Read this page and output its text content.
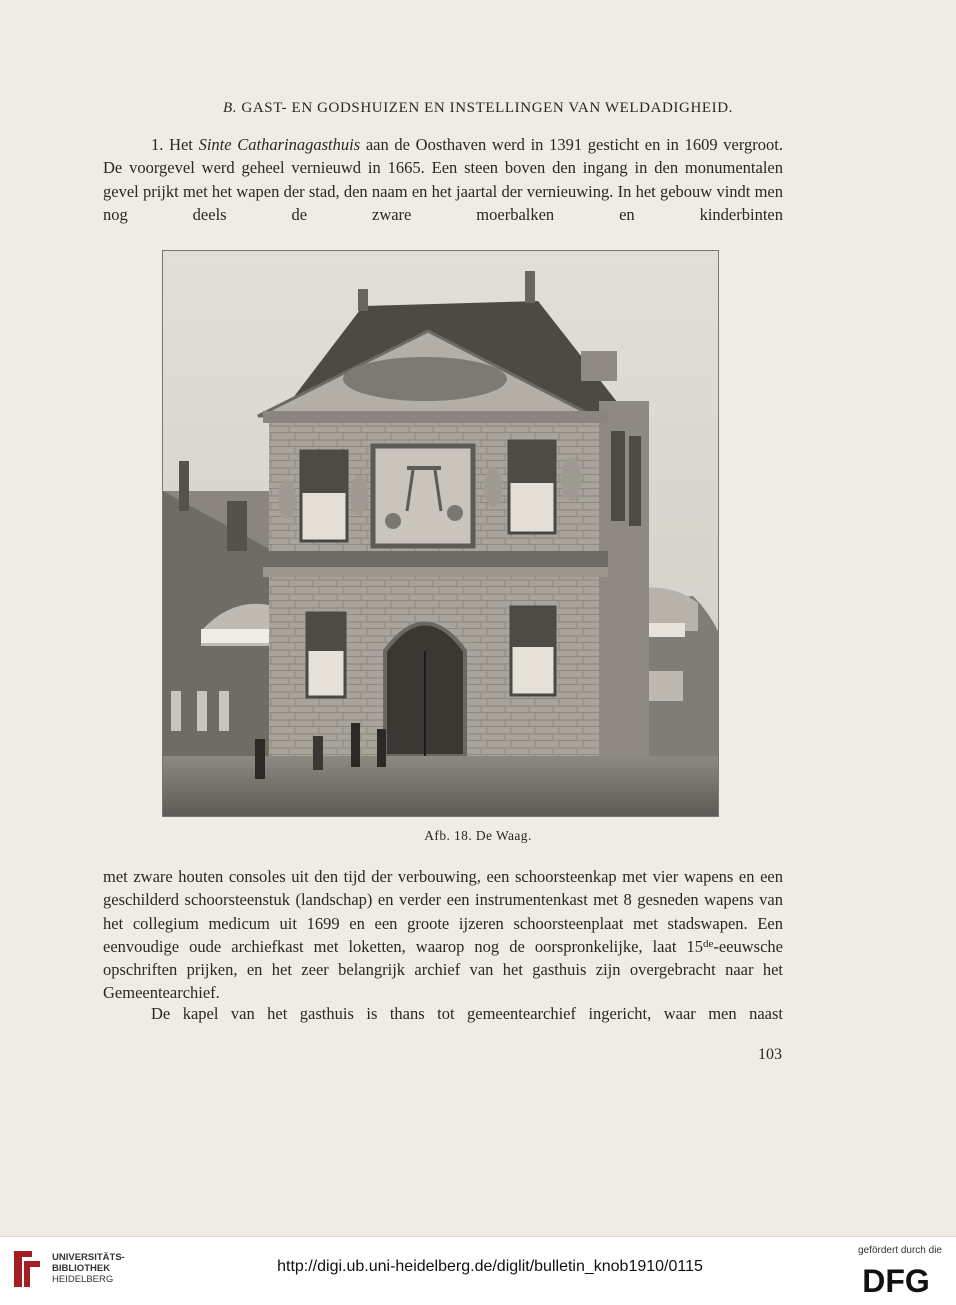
B. GAST- EN GODSHUIZEN EN INSTELLINGEN VAN WELDADIGHEID.

1. Het Sinte Catharinagasthuis aan de Oosthaven werd in 1391 gesticht en in 1609 vergroot. De voorgevel werd geheel vernieuwd in 1665. Een steen boven den ingang in den monumentalen gevel prijkt met het wapen der stad, den naam en het jaartal der vernieuwing. In het gebouw vindt men nog deels de zware moerbalken en kinderbinten

Afb. 18. De Waag.

met zware houten consoles uit den tijd der verbouwing, een schoorsteenkap met vier wapens en een geschilderd schoorsteenstuk (landschap) en verder een instrumentenkast met 8 gesneden wapens van het collegium medicum uit 1699 en een groote ijzeren schoorsteenplaat met stadswapen. Een eenvoudige oude archiefkast met loketten, waarop nog de oorspronkelijke, laat 15de-eeuwsche opschriften prijken, en het zeer belangrijk archief van het gasthuis zijn overgebracht naar het Gemeentearchief.

De kapel van het gasthuis is thans tot gemeentearchief ingericht, waar men naast

103
UNIVERSITÄTS-
BIBLIOTHEK
HEIDELBERG
http://digi.ub.uni-heidelberg.de/diglit/bulletin_knob1910/0115
gefördert durch die
DFG
